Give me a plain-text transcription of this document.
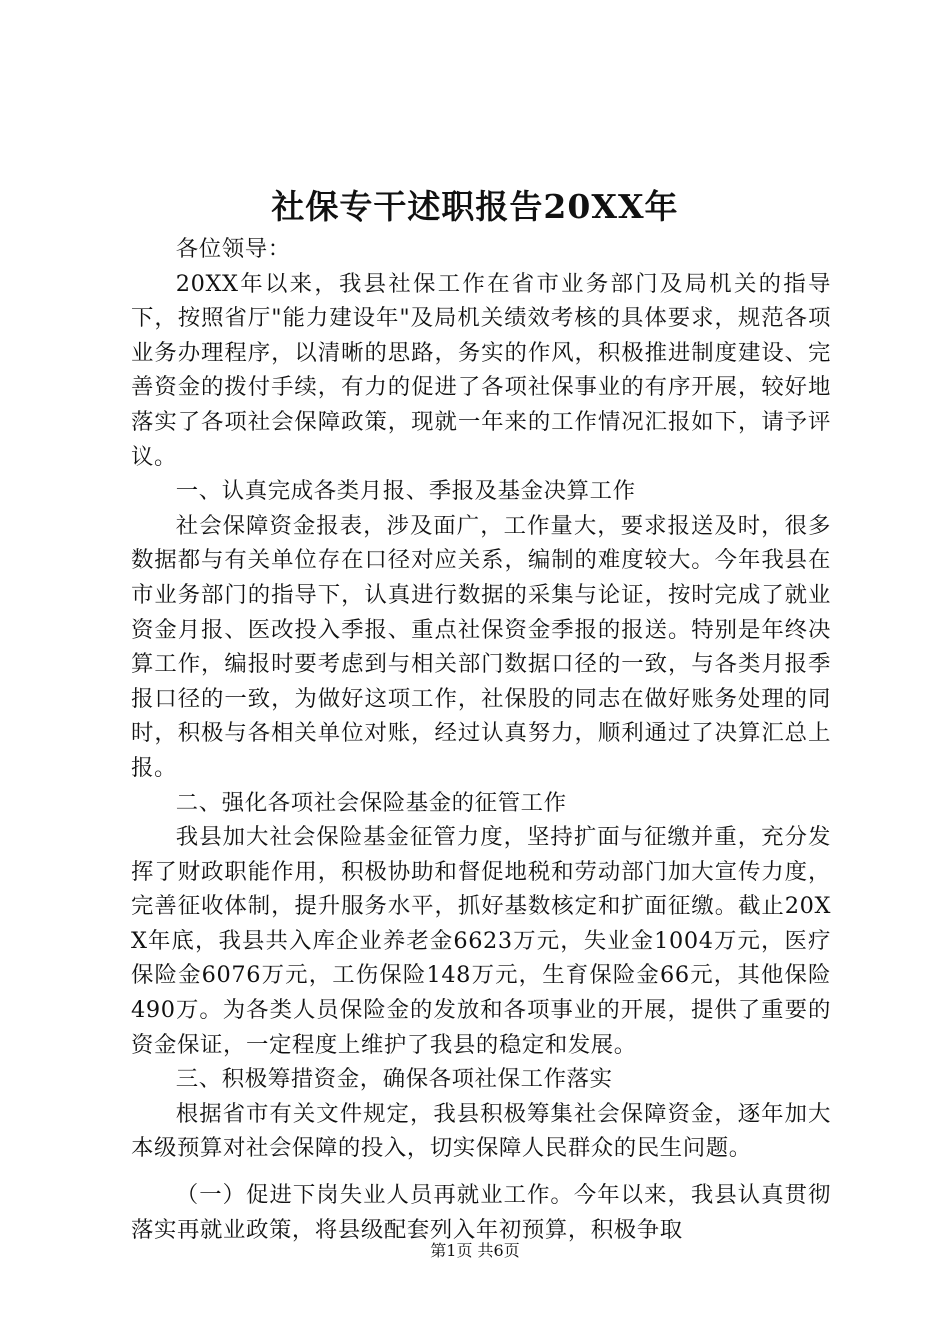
社保专干述职报告20XX年

各位领导：

20XX年以来，我县社保工作在省市业务部门及局机关的指导下，按照省厅"能力建设年"及局机关绩效考核的具体要求，规范各项业务办理程序，以清晰的思路，务实的作风，积极推进制度建设、完善资金的拨付手续，有力的促进了各项社保事业的有序开展，较好地落实了各项社会保障政策，现就一年来的工作情况汇报如下，请予评议。

一、认真完成各类月报、季报及基金决算工作

社会保障资金报表，涉及面广，工作量大，要求报送及时，很多数据都与有关单位存在口径对应关系，编制的难度较大。今年我县在市业务部门的指导下，认真进行数据的采集与论证，按时完成了就业资金月报、医改投入季报、重点社保资金季报的报送。特别是年终决算工作，编报时要考虑到与相关部门数据口径的一致，与各类月报季报口径的一致，为做好这项工作，社保股的同志在做好账务处理的同时，积极与各相关单位对账，经过认真努力，顺利通过了决算汇总上报。

二、强化各项社会保险基金的征管工作

我县加大社会保险基金征管力度，坚持扩面与征缴并重，充分发挥了财政职能作用，积极协助和督促地税和劳动部门加大宣传力度，完善征收体制，提升服务水平，抓好基数核定和扩面征缴。截止20XX年底，我县共入库企业养老金6623万元，失业金1004万元，医疗保险金6076万元，工伤保险148万元，生育保险金66元，其他保险490万。为各类人员保险金的发放和各项事业的开展，提供了重要的资金保证，一定程度上维护了我县的稳定和发展。

三、积极筹措资金，确保各项社保工作落实

根据省市有关文件规定，我县积极筹集社会保障资金，逐年加大本级预算对社会保障的投入，切实保障人民群众的民生问题。

（一）促进下岗失业人员再就业工作。今年以来，我县认真贯彻落实再就业政策，将县级配套列入年初预算，积极争取

第1页 共6页
